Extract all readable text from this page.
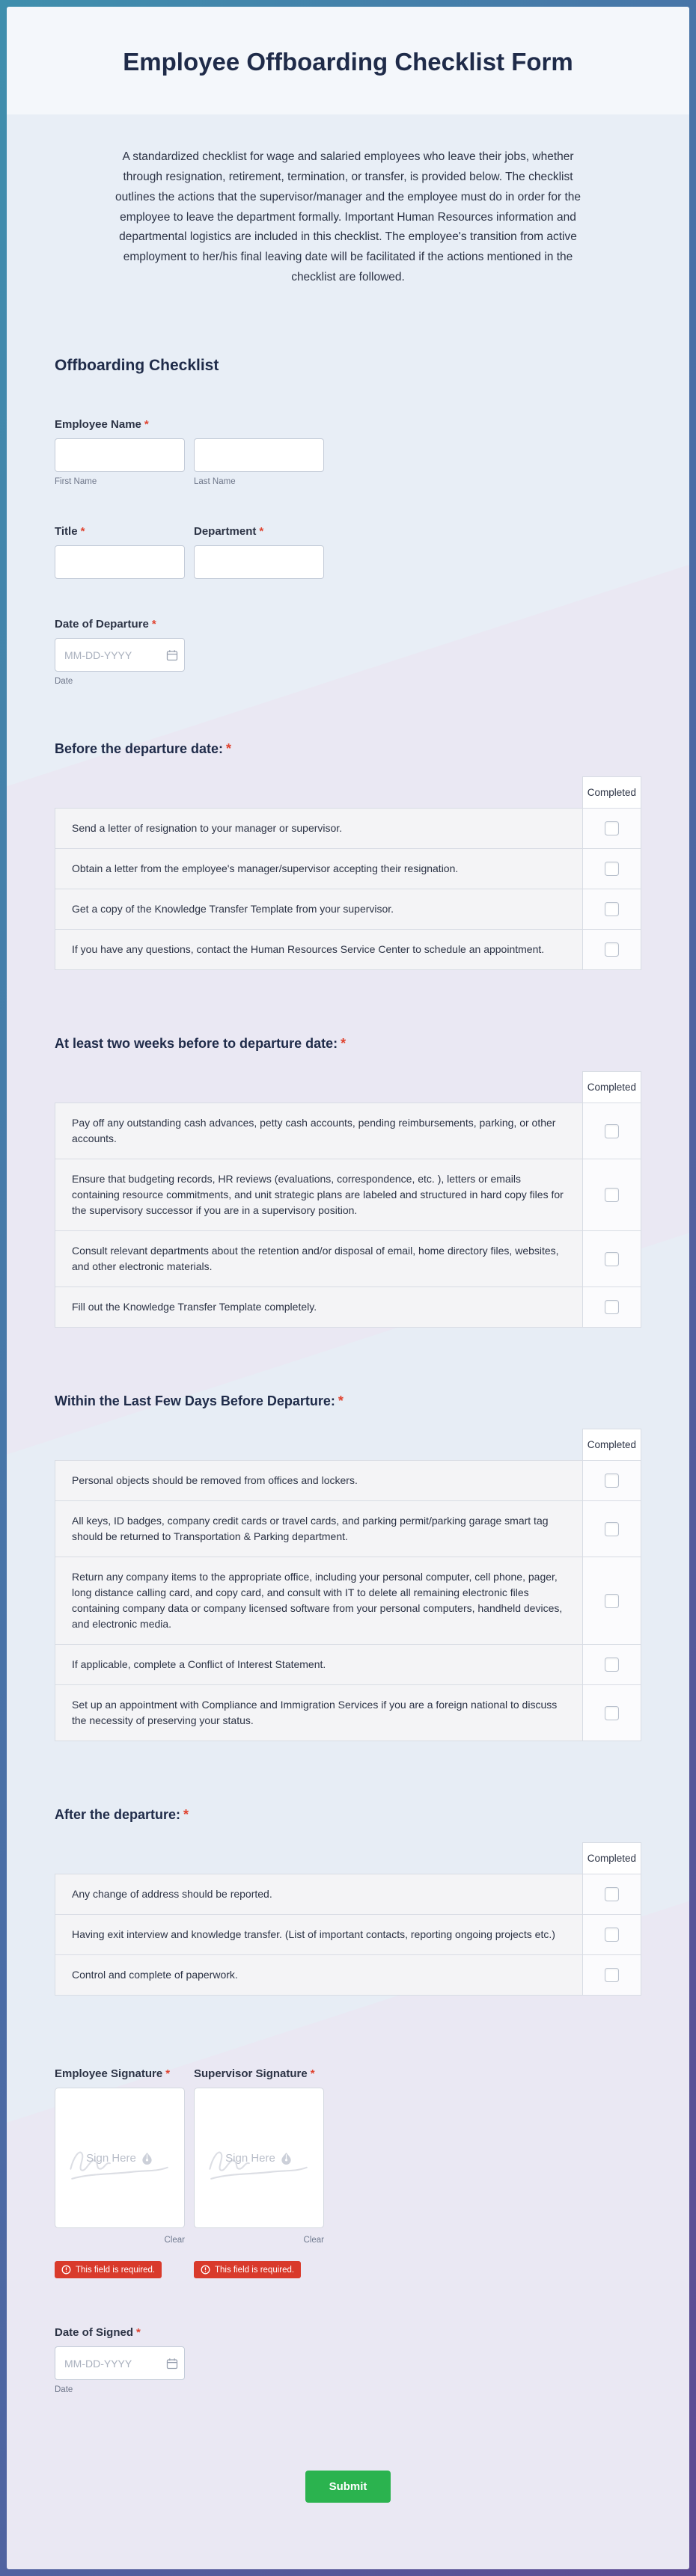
Employee Offboarding Checklist Form

A standardized checklist for wage and salaried employees who leave their jobs, whether through resignation, retirement, termination, or transfer, is provided below. The checklist outlines the actions that the supervisor/manager and the employee must do in order for the employee to leave the department formally. Important Human Resources information and departmental logistics are included in this checklist. The employee's transition from active employment to her/his final leaving date will be facilitated if the actions mentioned in the checklist are followed.

Offboarding Checklist
Employee Name *
First Name	Last Name
Title *	Department *
Date of Departure *
MM-DD-YYYY
Date
Before the departure date: *
	Completed
Send a letter of resignation to your manager or supervisor.	

Obtain a letter from the employee's manager/supervisor accepting their resignation.	

Get a copy of the Knowledge Transfer Template from your supervisor.	

If you have any questions, contact the Human Resources Service Center to schedule an appointment.	
At least two weeks before to departure date: *
	Completed
Pay off any outstanding cash advances, petty cash accounts, pending reimbursements, parking, or other accounts.	

Ensure that budgeting records, HR reviews (evaluations, correspondence, etc. ), letters or emails containing resource commitments, and unit strategic plans are labeled and structured in hard copy files for the supervisory successor if you are in a supervisory position.	

Consult relevant departments about the retention and/or disposal of email, home directory files, websites, and other electronic materials.	

Fill out the Knowledge Transfer Template completely.	
Within the Last Few Days Before Departure: *
	Completed
Personal objects should be removed from offices and lockers.	

All keys, ID badges, company credit cards or travel cards, and parking permit/parking garage smart tag should be returned to Transportation & Parking department.	

Return any company items to the appropriate office, including your personal computer, cell phone, pager, long distance calling card, and copy card, and consult with IT to delete all remaining electronic files containing company data or company licensed software from your personal computers, handheld devices, and electronic media.	

If applicable, complete a Conflict of Interest Statement.	

Set up an appointment with Compliance and Immigration Services if you are a foreign national to discuss the necessity of preserving your status.	
After the departure: *
	Completed
Any change of address should be reported.	

Having exit interview and knowledge transfer. (List of important contacts, reporting ongoing projects etc.)	

Control and complete of paperwork.	
Employee Signature *
Sign Here
Clear
This field is required.
Supervisor Signature *
Sign Here
Clear
This field is required.
Date of Signed *
MM-DD-YYYY
Date
Submit
